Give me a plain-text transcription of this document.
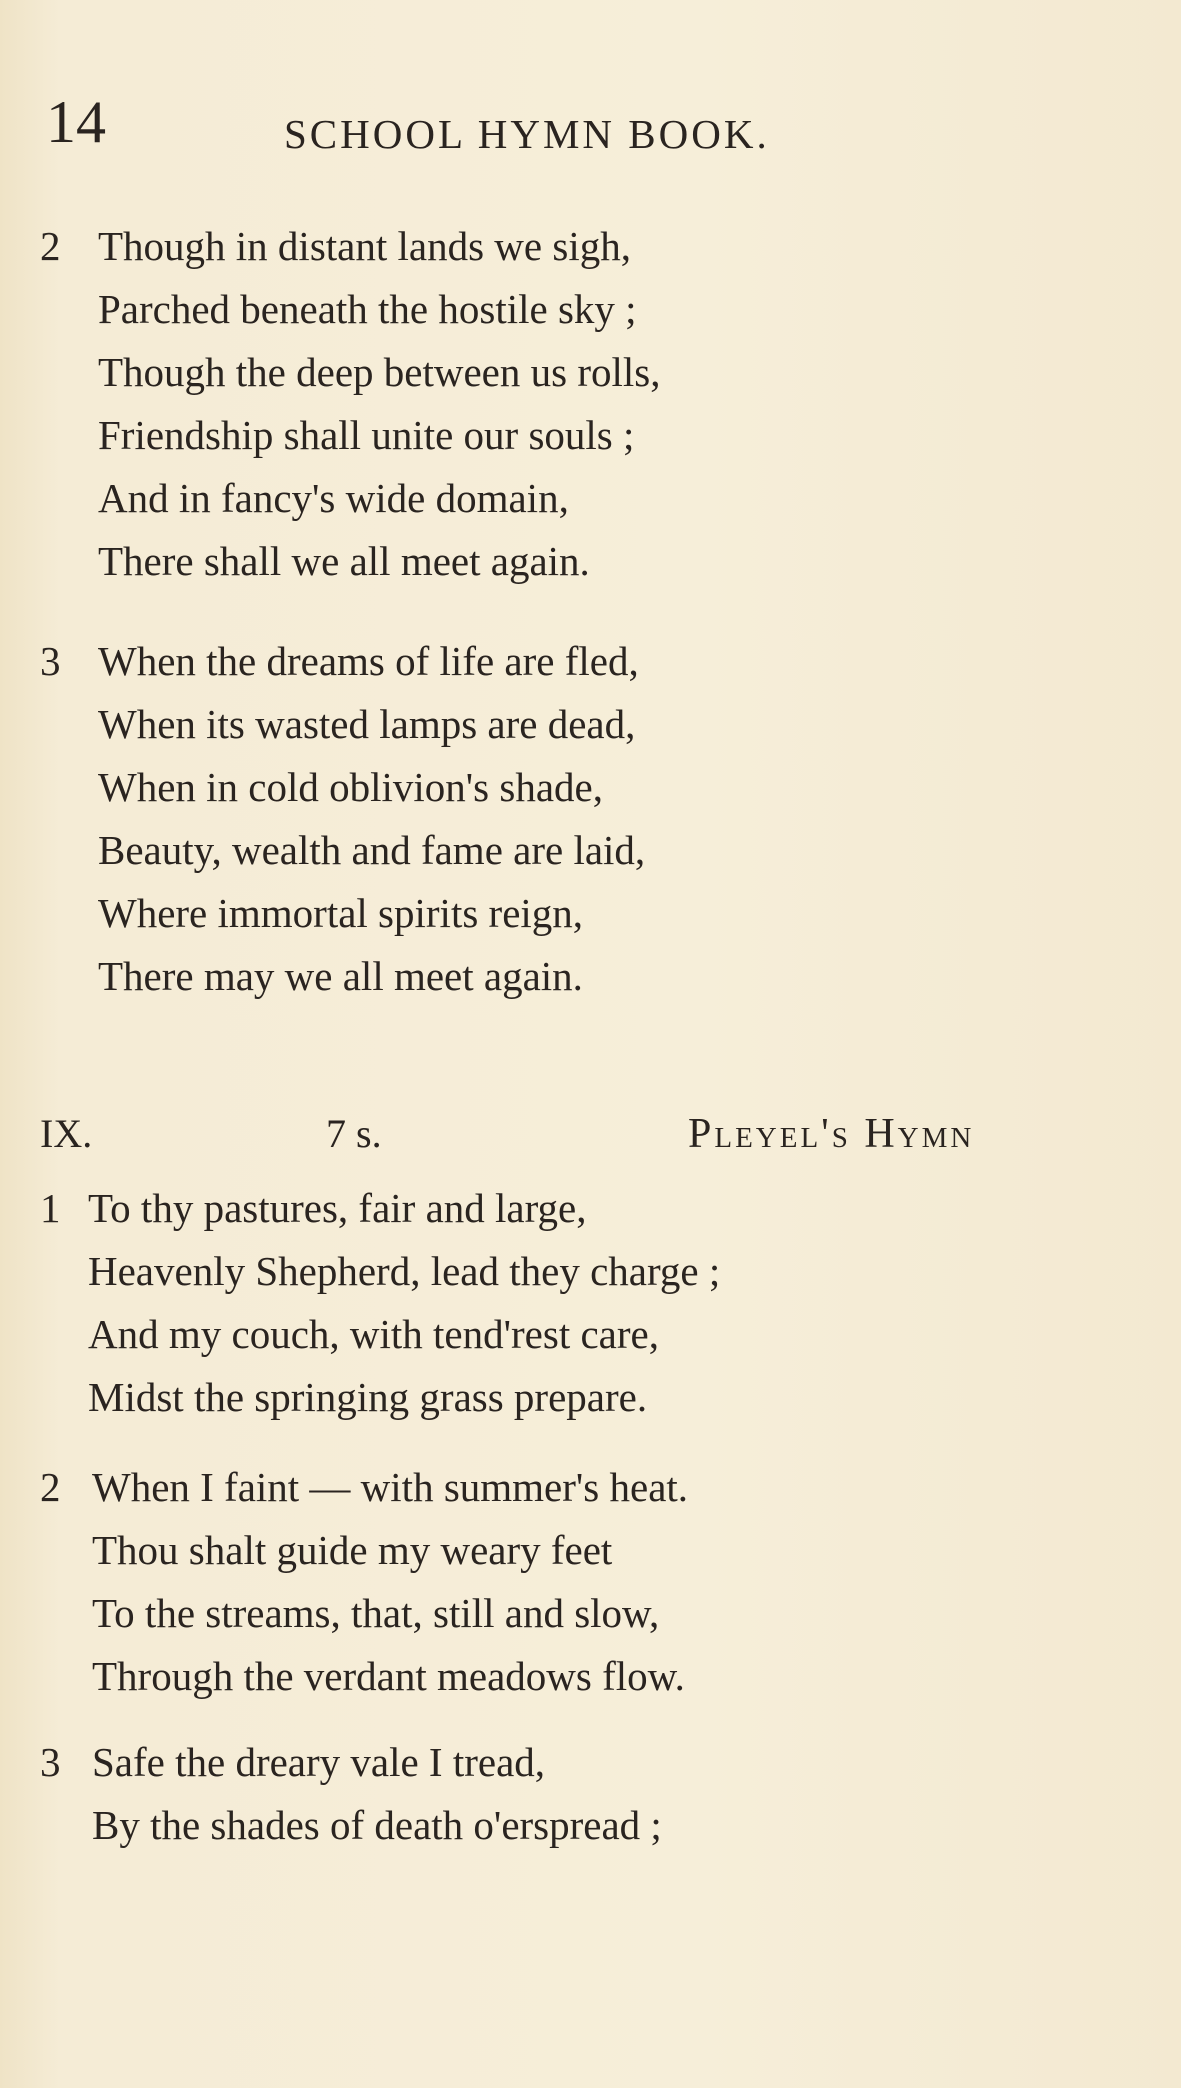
14	SCHOOL HYMN BOOK.
2 Though in distant lands we sigh,
Parched beneath the hostile sky ;
Though the deep between us rolls,
Friendship shall unite our souls ;
And in fancy's wide domain,
There shall we all meet again.
3 When the dreams of life are fled,
When its wasted lamps are dead,
When in cold oblivion's shade,
Beauty, wealth and fame are laid,
Where immortal spirits reign,
There may we all meet again.
IX.	7 s.	Pleyel's Hymn
1 To thy pastures, fair and large,
Heavenly Shepherd, lead they charge ;
And my couch, with tend'rest care,
Midst the springing grass prepare.
2 When I faint — with summer's heat.
Thou shalt guide my weary feet
To the streams, that, still and slow,
Through the verdant meadows flow.
3 Safe the dreary vale I tread,
By the shades of death o'erspread ;
